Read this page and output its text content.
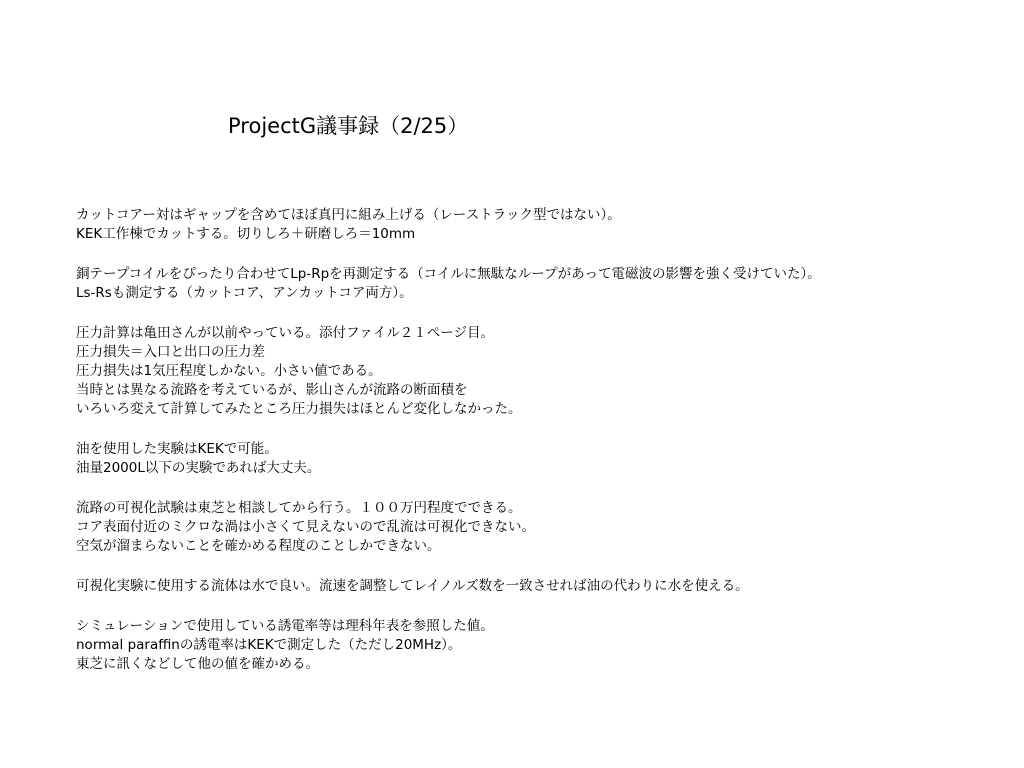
ProjectG議事録（2/25）
カットコアー対はギャップを含めてほぼ真円に組み上げる（レーストラック型ではない）。
KEK工作棟でカットする。切りしろ＋研磨しろ＝10mm
銅テープコイルをぴったり合わせてLp-Rpを再測定する（コイルに無駄なループがあって電磁波の影響を強く受けていた）。
Ls-Rsも測定する（カットコア、アンカットコア両方）。
圧力計算は亀田さんが以前やっている。添付ファイル２１ページ目。
圧力損失＝入口と出口の圧力差
圧力損失は1気圧程度しかない。小さい値である。
当時とは異なる流路を考えているが、影山さんが流路の断面積を
いろいろ変えて計算してみたところ圧力損失はほとんど変化しなかった。
油を使用した実験はKEKで可能。
油量2000L以下の実験であれば大丈夫。
流路の可視化試験は東芝と相談してから行う。１００万円程度でできる。
コア表面付近のミクロな渦は小さくて見えないので乱流は可視化できない。
空気が溜まらないことを確かめる程度のことしかできない。
可視化実験に使用する流体は水で良い。流速を調整してレイノルズ数を一致させれば油の代わりに水を使える。
シミュレーションで使用している誘電率等は理科年表を参照した値。
normal paraffinの誘電率はKEKで測定した（ただし20MHz）。
東芝に訊くなどして他の値を確かめる。
